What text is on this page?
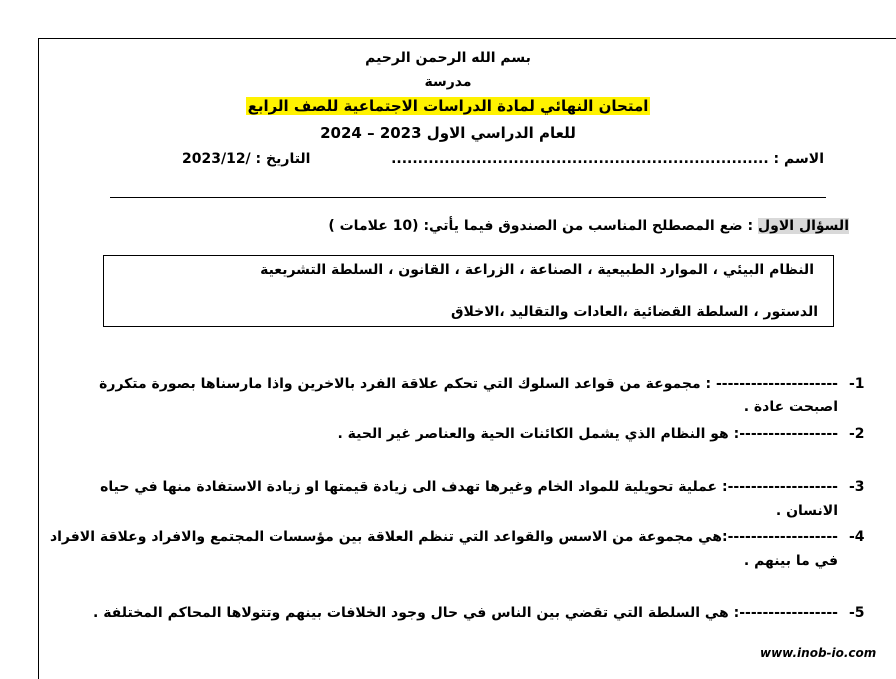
بسم الله الرحمن الرحيم
مدرسة
امتحان النهائي لمادة الدراسات الاجتماعية للصف الرابع
للعام الدراسي الاول 2023 – 2024
الاسم : .......................................................................
2023/12/ : التاريخ
السؤال الاول : ضع المصطلح المناسب من الصندوق فيما يأتي: (10 علامات )
النظام البيئي ، الموارد الطبيعية ، الصناعة ، الزراعة ، القانون ، السلطة التشريعية
الدستور ، السلطة القضائية ،العادات والتقاليد ،الاخلاق
-1
--------------------- : مجموعة من قواعد السلوك التي تحكم علاقة الفرد بالاخرين واذا مارسناها بصورة متكررة
اصبحت عادة .
-2
-----------------: هو النظام الذي يشمل الكائنات الحية والعناصر غير الحية .
-3
-------------------: عملية تحويلية للمواد الخام وغيرها تهدف الى زيادة قيمتها او زيادة الاستفادة منها في حياه
الانسان .
-4
-------------------:هي مجموعة من الاسس والقواعد التي تنظم العلاقة بين مؤسسات المجتمع والافراد وعلاقة الافراد
في ما بينهم .
-5
-----------------: هي السلطة التي تقضي بين الناس في حال وجود الخلافات بينهم وتتولاها المحاكم المختلفة .
www.inob-io.com
